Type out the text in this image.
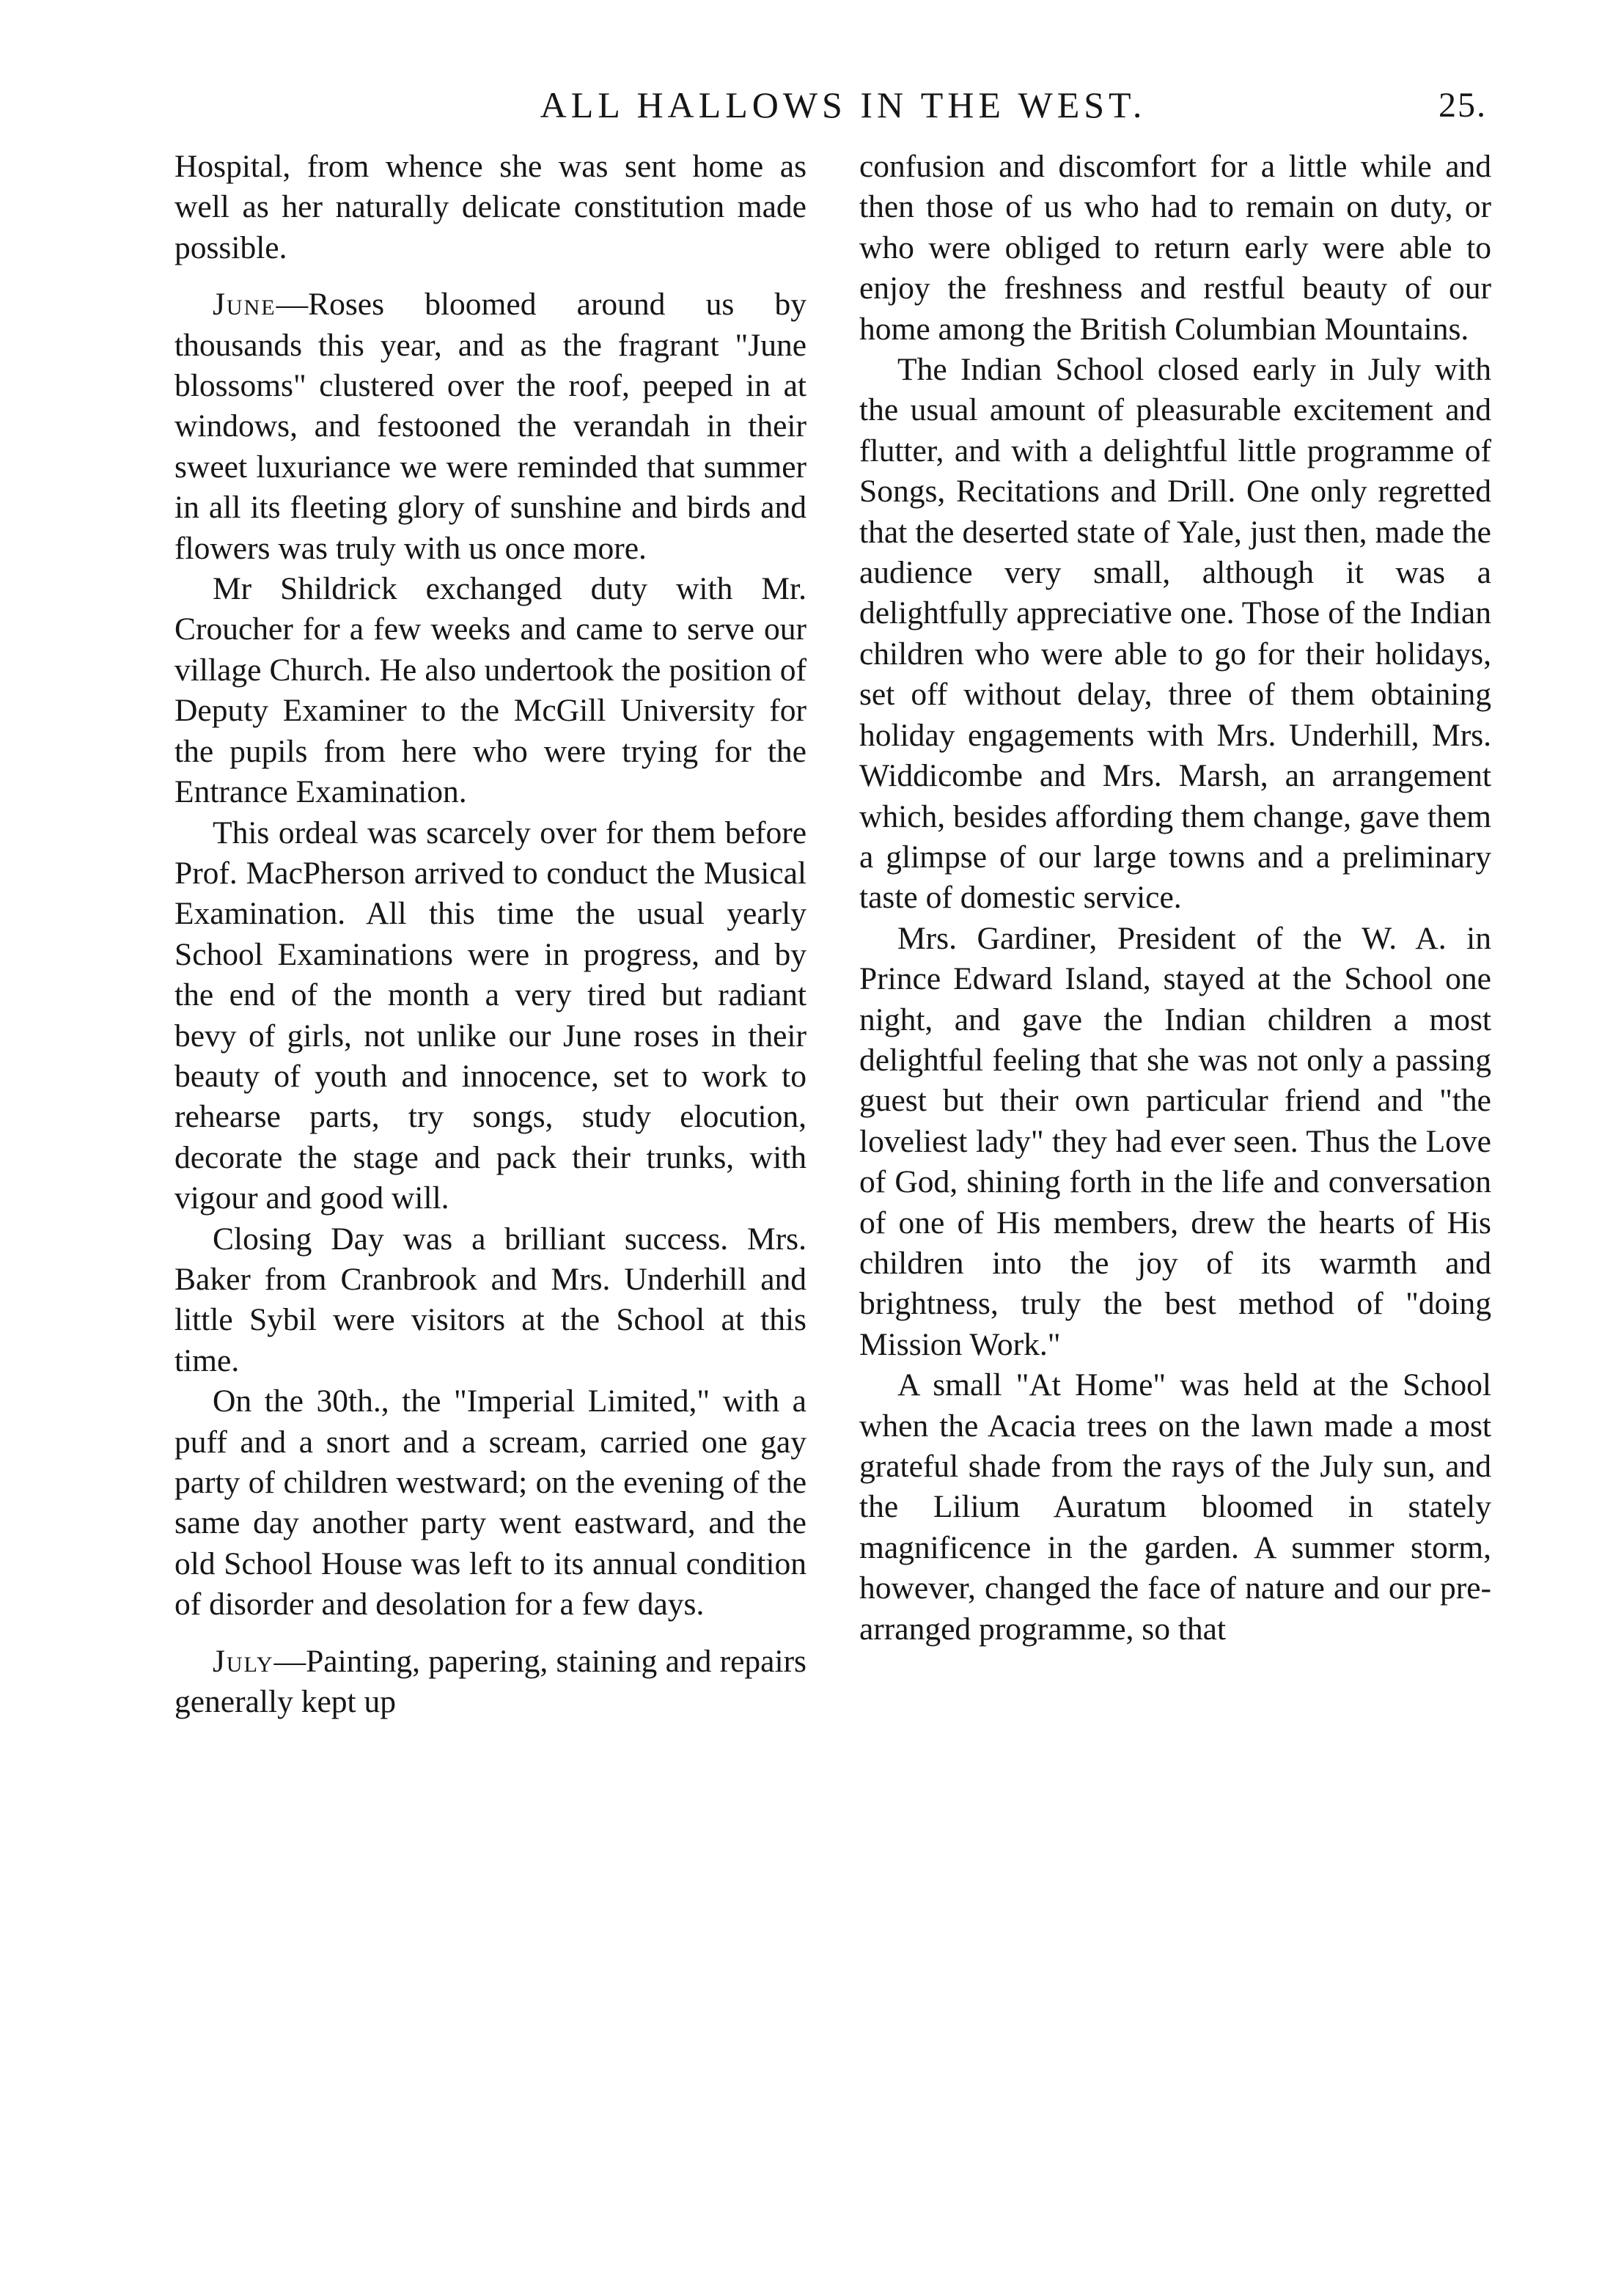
ALL HALLOWS IN THE WEST.	25.

Hospital, from whence she was sent home as well as her naturally delicate constitution made possible.

June—Roses bloomed around us by thousands this year, and as the fragrant "June blossoms" clustered over the roof, peeped in at windows, and festooned the verandah in their sweet luxuriance we were reminded that summer in all its fleeting glory of sunshine and birds and flowers was truly with us once more.

Mr Shildrick exchanged duty with Mr. Croucher for a few weeks and came to serve our village Church. He also undertook the position of Deputy Examiner to the McGill University for the pupils from here who were trying for the Entrance Examination.

This ordeal was scarcely over for them before Prof. MacPherson arrived to conduct the Musical Examination. All this time the usual yearly School Examinations were in progress, and by the end of the month a very tired but radiant bevy of girls, not unlike our June roses in their beauty of youth and innocence, set to work to rehearse parts, try songs, study elocution, decorate the stage and pack their trunks, with vigour and good will.

Closing Day was a brilliant success. Mrs. Baker from Cranbrook and Mrs. Underhill and little Sybil were visitors at the School at this time.

On the 30th., the "Imperial Limited," with a puff and a snort and a scream, carried one gay party of children westward; on the evening of the same day another party went eastward, and the old School House was left to its annual condition of disorder and desolation for a few days.

July—Painting, papering, staining and repairs generally kept up

confusion and discomfort for a little while and then those of us who had to remain on duty, or who were obliged to return early were able to enjoy the freshness and restful beauty of our home among the British Columbian Mountains.

The Indian School closed early in July with the usual amount of pleasurable excitement and flutter, and with a delightful little programme of Songs, Recitations and Drill. One only regretted that the deserted state of Yale, just then, made the audience very small, although it was a delightfully appreciative one. Those of the Indian children who were able to go for their holidays, set off without delay, three of them obtaining holiday engagements with Mrs. Underhill, Mrs. Widdicombe and Mrs. Marsh, an arrangement which, besides affording them change, gave them a glimpse of our large towns and a preliminary taste of domestic service.

Mrs. Gardiner, President of the W. A. in Prince Edward Island, stayed at the School one night, and gave the Indian children a most delightful feeling that she was not only a passing guest but their own particular friend and "the loveliest lady" they had ever seen. Thus the Love of God, shining forth in the life and conversation of one of His members, drew the hearts of His children into the joy of its warmth and brightness, truly the best method of "doing Mission Work."

A small "At Home" was held at the School when the Acacia trees on the lawn made a most grateful shade from the rays of the July sun, and the Lilium Auratum bloomed in stately magnificence in the garden. A summer storm, however, changed the face of nature and our pre-arranged programme, so that
